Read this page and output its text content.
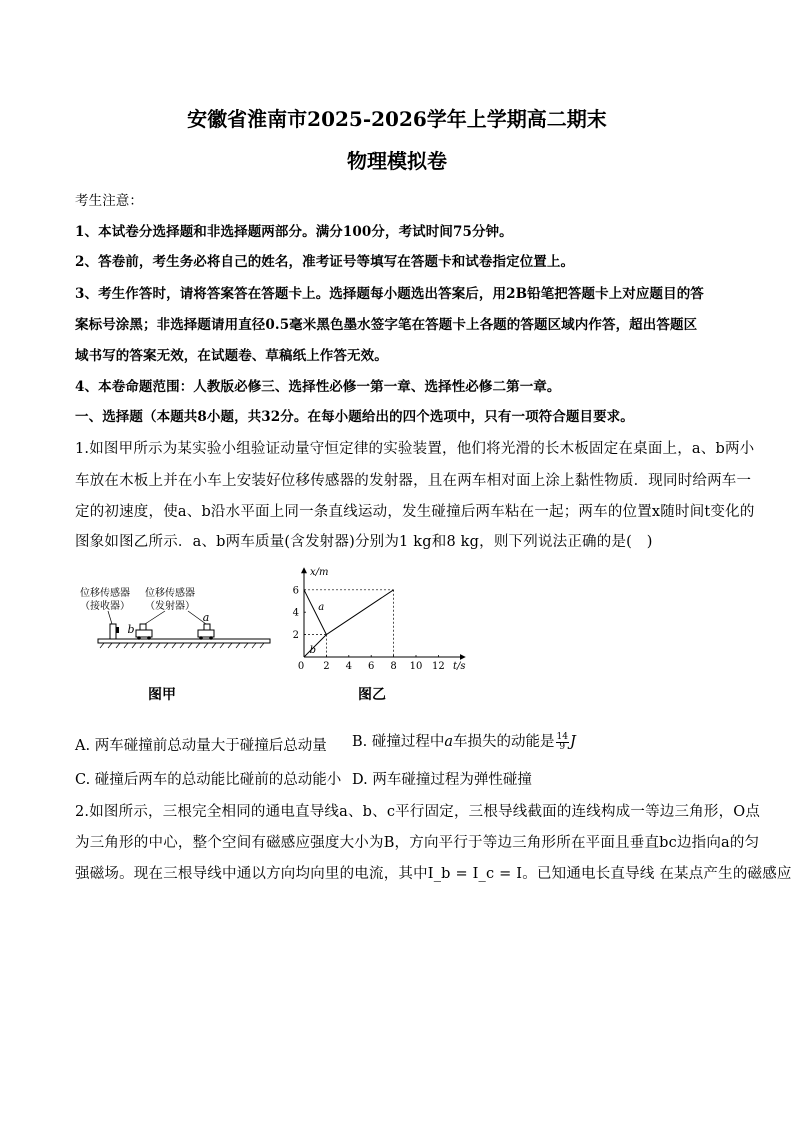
安徽省淮南市2025-2026学年上学期高二期末
物理模拟卷
考生注意：
1、本试卷分选择题和非选择题两部分。满分100分，考试时间75分钟。
2、答卷前，考生务必将自己的姓名，准考证号等填写在答题卡和试卷指定位置上。
3、考生作答时，请将答案答在答题卡上。选择题每小题选出答案后，用2B铅笔把答题卡上对应题目的答
案标号涂黑；非选择题请用直径0.5毫米黑色墨水签字笔在答题卡上各题的答题区域内作答，超出答题区
域书写的答案无效，在试题卷、草稿纸上作答无效。
4、本卷命题范围：人教版必修三、选择性必修一第一章、选择性必修二第一章。
一、选择题（本题共8小题，共32分。在每小题给出的四个选项中，只有一项符合题目要求。
1.如图甲所示为某实验小组验证动量守恒定律的实验装置，他们将光滑的长木板固定在桌面上，a、b两小
车放在木板上并在小车上安装好位移传感器的发射器，且在两车相对面上涂上黏性物质．现同时给两车一
定的初速度，使a、b沿水平面上同一条直线运动，发生碰撞后两车粘在一起；两车的位置x随时间t变化的
图象如图乙所示．a、b两车质量(含发射器)分别为1 kg和8 kg，则下列说法正确的是(　)
位移传感器
（接收器）
位移传感器
（发射器）
b
a
图甲
x/m
t/s
0 2 4 6 8 10 12
2
4
6
a
b
图乙
A. 两车碰撞前总动量大于碰撞后总动量 B. 碰撞过程中a车损失的动能是 $\frac{14}{9}$ J
C. 碰撞后两车的总动能比碰前的总动能小 D. 两车碰撞过程为弹性碰撞
2.如图所示，三根完全相同的通电直导线a、b、c平行固定，三根导线截面的连线构成一等边三角形，O点
为三角形的中心，整个空间有磁感应强度大小为B，方向平行于等边三角形所在平面且垂直bc边指向a的匀
强磁场。现在三根导线中通以方向均向里的电流，其中I_b = I_c = I。已知通电长直导线 在某点产生的磁感应
